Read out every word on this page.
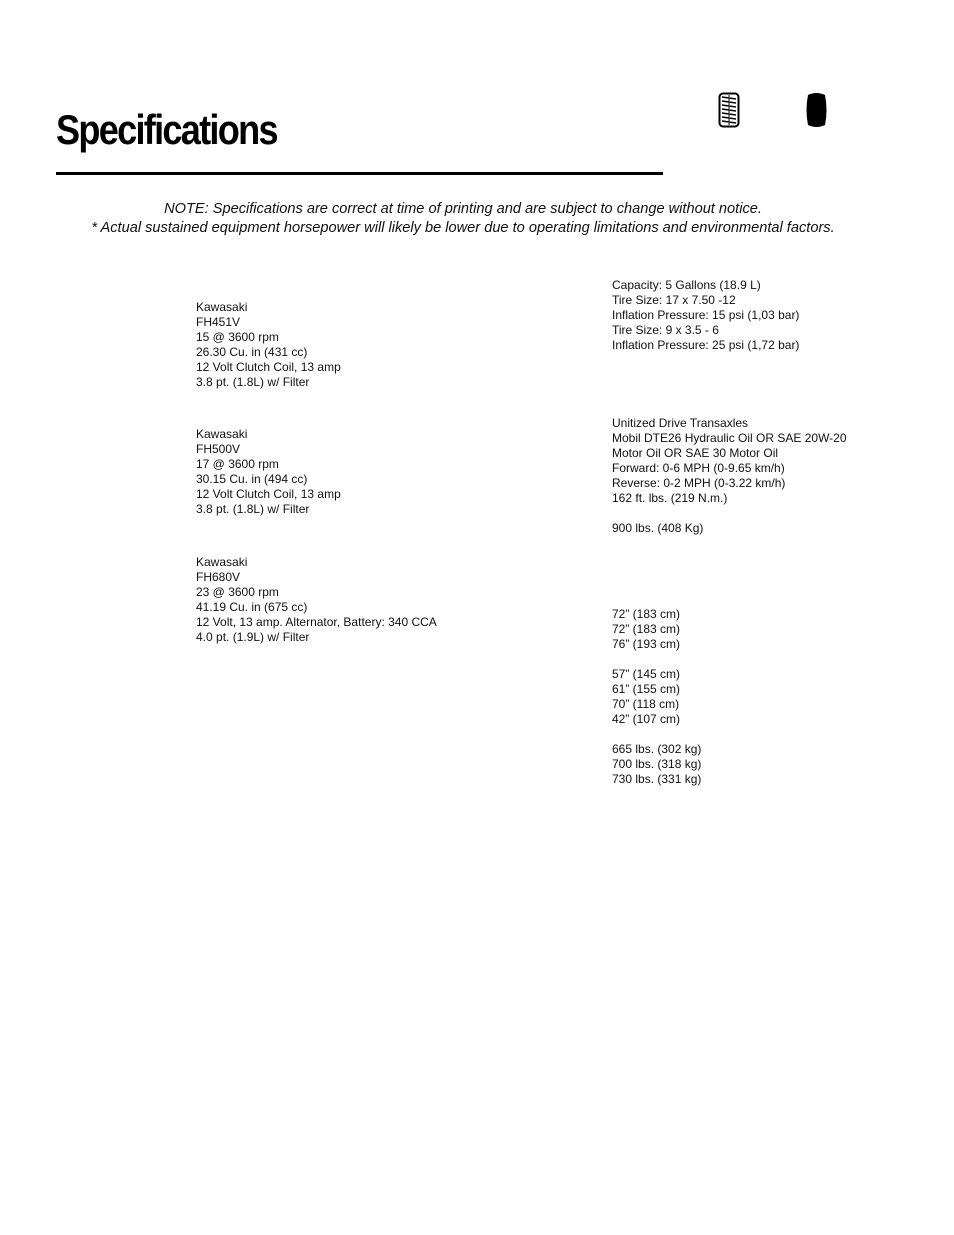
Specifications
NOTE: Specifications are correct at time of printing and are subject to change without notice.
* Actual sustained equipment horsepower will likely be lower due to operating limitations and environmental factors.
Kawasaki
FH451V
15 @ 3600 rpm
26.30 Cu. in (431 cc)
12 Volt Clutch Coil, 13 amp
3.8 pt. (1.8L) w/ Filter
Kawasaki
FH500V
17 @ 3600 rpm
30.15 Cu. in (494 cc)
12 Volt Clutch Coil, 13 amp
3.8 pt. (1.8L) w/ Filter
Kawasaki
FH680V
23 @ 3600 rpm
41.19 Cu. in (675 cc)
12 Volt, 13 amp. Alternator, Battery: 340 CCA
4.0 pt. (1.9L) w/ Filter
Capacity: 5 Gallons (18.9 L)
Tire Size: 17 x 7.50 -12
Inflation Pressure: 15 psi (1,03 bar)
Tire Size: 9 x 3.5 - 6
Inflation Pressure: 25 psi (1,72 bar)
Unitized Drive Transaxles
Mobil DTE26 Hydraulic Oil OR SAE 20W-20
Motor Oil OR SAE 30 Motor Oil
Forward: 0-6 MPH (0-9.65 km/h)
Reverse: 0-2 MPH (0-3.22 km/h)
162 ft. lbs. (219 N.m.)
900 lbs. (408 Kg)
72” (183 cm)
72” (183 cm)
76” (193 cm)
57” (145 cm)
61” (155 cm)
70” (118 cm)
42” (107 cm)
665 lbs. (302 kg)
700 lbs. (318 kg)
730 lbs. (331 kg)
